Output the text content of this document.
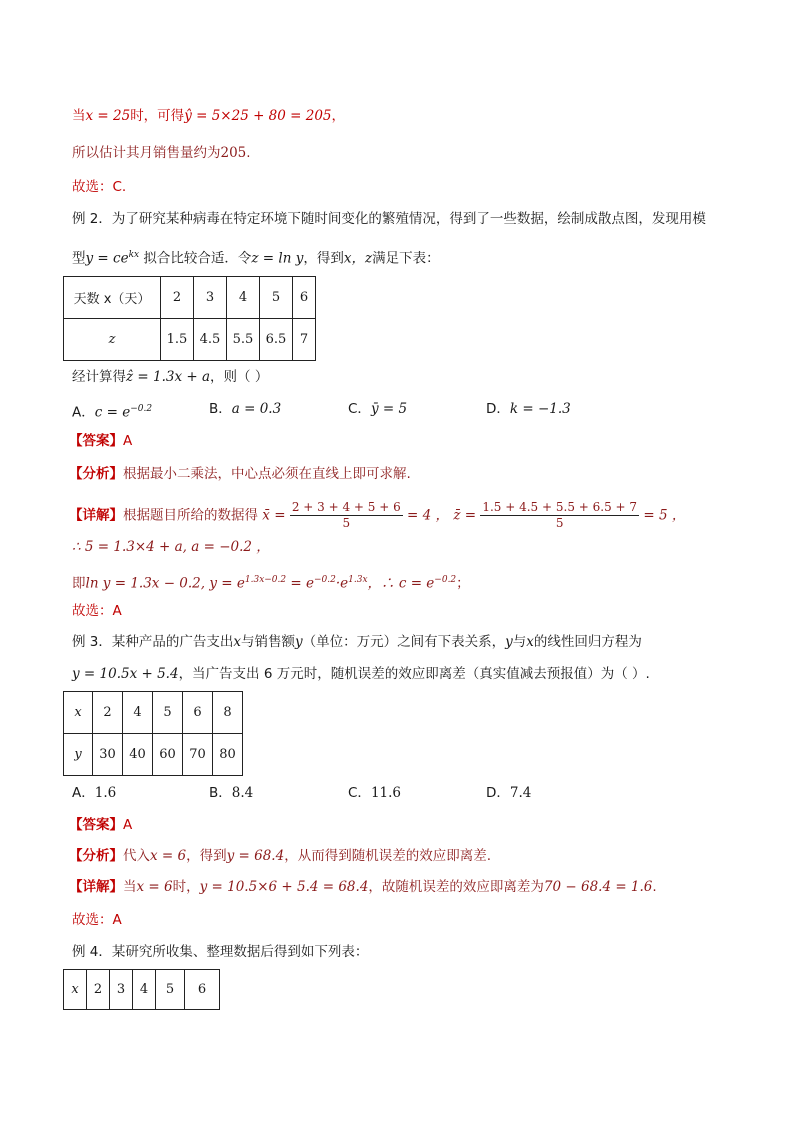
当x = 25时，可得ŷ = 5×25 + 80 = 205，
所以估计其月销售量约为205.
故选：C.
例 2．为了研究某种病毒在特定环境下随时间变化的繁殖情况，得到了一些数据，绘制成散点图，发现用模
型$y = ce^{kx}$ 拟合比较合适．令z = ln y，得到x，z满足下表：
天数 x（天）	2	3	4	5	6
z	1.5	4.5	5.5	6.5	7
经计算得ẑ = 1.3x + a，则（ ）
A．$c = e^{-0.2}$	B．a = 0.3	C．ȳ = 5	D．k = −1.3
【答案】A
【分析】根据最小二乘法，中心点必须在直线上即可求解.
【详解】根据题目所给的数据得 x̄ = $\frac{2 + 3 + 4 + 5 + 6}{5} = 4$ ， z̄ = $\frac{1.5 + 4.5 + 5.5 + 6.5 + 7}{5} = 5$ ，
∴ 5 = 1.3×4 + a, a = −0.2 ，
即ln y = 1.3x − 0.2, $y = e^{1.3x-0.2} = e^{-0.2}\cdot e^{1.3x}$，∴ $c = e^{-0.2}$；
故选：A
例 3．某种产品的广告支出x与销售额y（单位：万元）之间有下表关系，y与x的线性回归方程为
y = 10.5x + 5.4，当广告支出 6 万元时，随机误差的效应即离差（真实值减去预报值）为（ ）.
x	2	4	5	6	8
y	30	40	60	70	80
A．1.6	B．8.4	C．11.6	D．7.4
【答案】A
【分析】代入x = 6，得到y = 68.4，从而得到随机误差的效应即离差.
【详解】当x = 6时，y = 10.5×6 + 5.4 = 68.4，故随机误差的效应即离差为70 − 68.4 = 1.6.
故选：A
例 4．某研究所收集、整理数据后得到如下列表：
x	2	3	4	5	6
